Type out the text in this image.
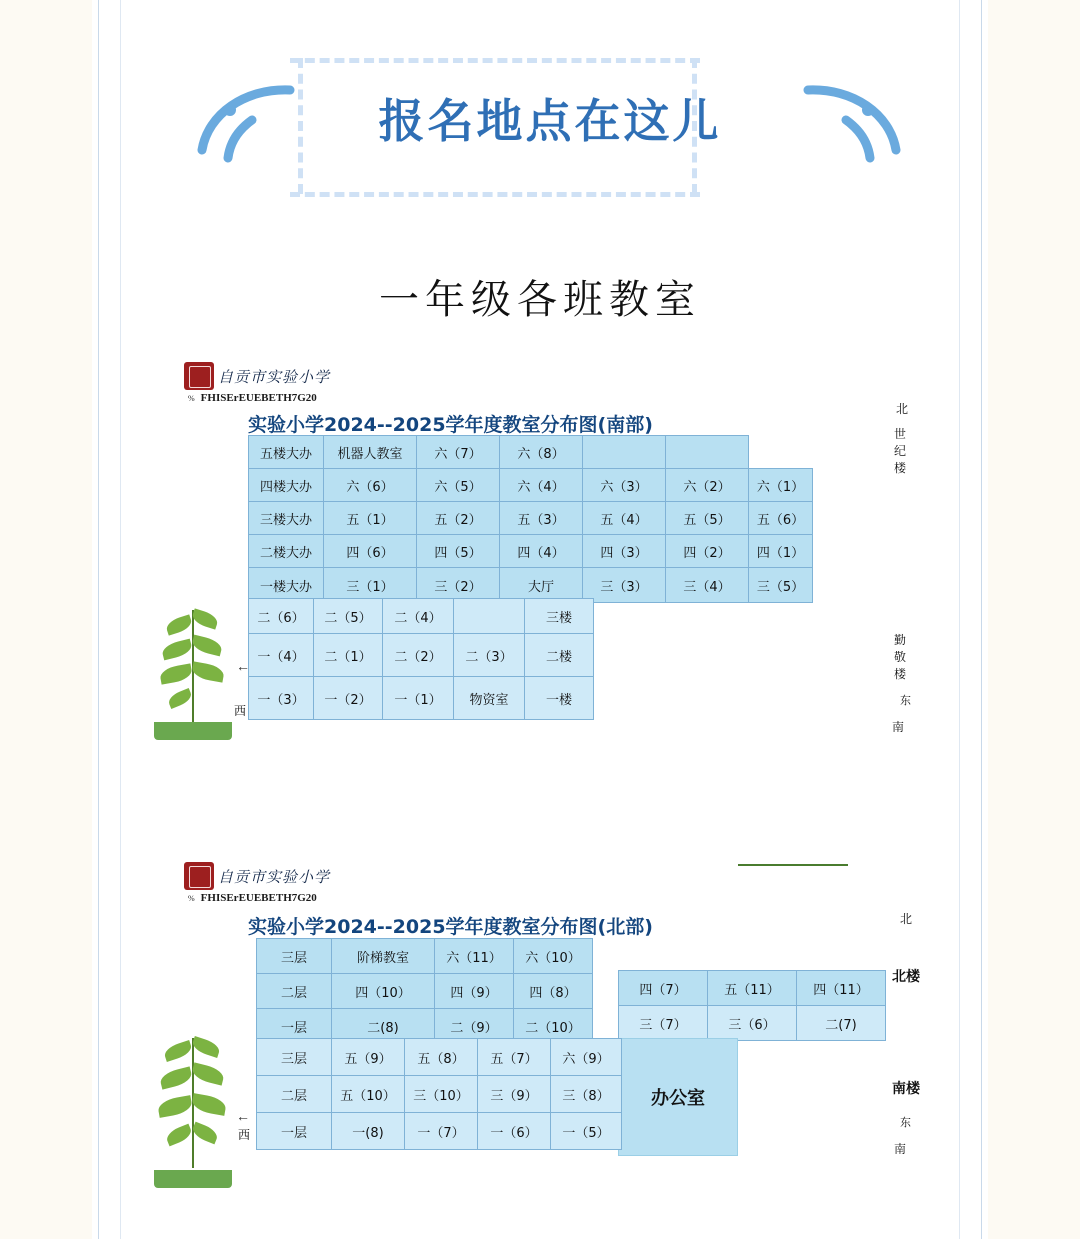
报名地点在这儿
一年级各班教室
自贡市实验小学
% FHISErEUEBETH7G20
实验小学2024--2025学年度教室分布图(南部)
五楼大办	机器人教室	六（7）	六（8）			
四楼大办	六（6）	六（5）	六（4）	六（3）	六（2）	六（1）
三楼大办	五（1）	五（2）	五（3）	五（4）	五（5）	五（6）
二楼大办	四（6）	四（5）	四（4）	四（3）	四（2）	四（1）
一楼大办	三（1）	三（2）	大厅	三（3）	三（4）	三（5）
二（6）	二（5）	二（4）		三楼
一（4）	二（1）	二（2）	二（3）	二楼
一（3）	一（2）	一（1）	物资室	一楼
←
西
北
世
纪
楼
勤
敬
楼
东
南
自贡市实验小学
% FHISErEUEBETH7G20
实验小学2024--2025学年度教室分布图(北部)
三层	阶梯教室	六（11）	六（10）
二层	四（10）	四（9）	四（8）
一层	二(8)	二（9）	二（10）
四（7）	五（11）	四（11）
三（7）	三（6）	二(7)
办公室
三层	五（9）	五（8）	五（7）	六（9）
二层	五（10）	三（10）	三（9）	三（8）
一层	一(8)	一（7）	一（6）	一（5）
←
西
北
北楼
南楼
东
南
